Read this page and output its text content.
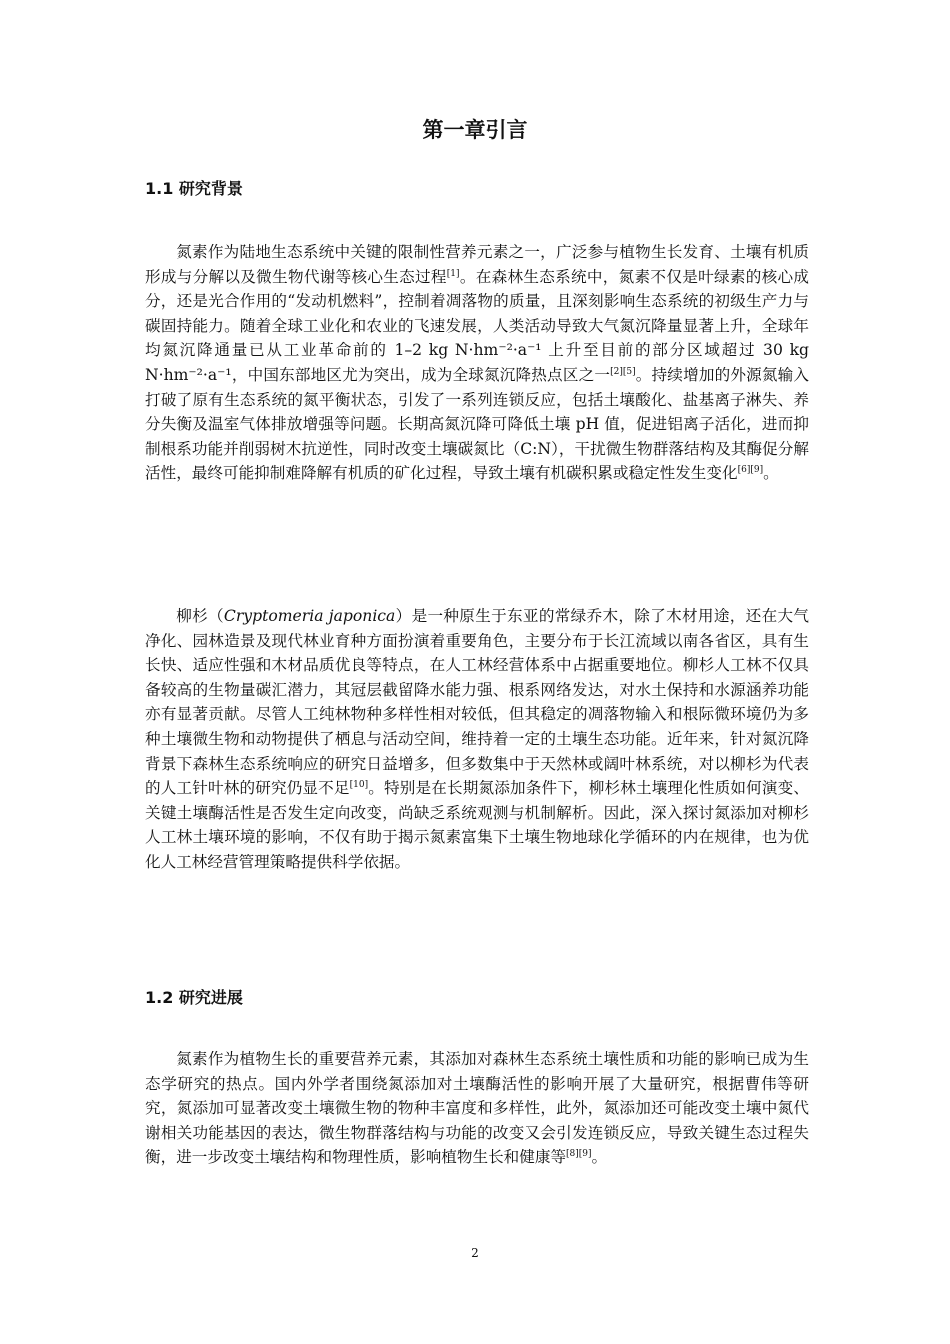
第一章引言
1.1 研究背景

氮素作为陆地生态系统中关键的限制性营养元素之一，广泛参与植物生长发育、土壤有机质形成与分解以及微生物代谢等核心生态过程[1]。在森林生态系统中，氮素不仅是叶绿素的核心成分，还是光合作用的“发动机燃料”，控制着凋落物的质量，且深刻影响生态系统的初级生产力与碳固持能力。随着全球工业化和农业的飞速发展，人类活动导致大气氮沉降量显著上升，全球年均氮沉降通量已从工业革命前的 1–2 kg N·hm⁻²·a⁻¹ 上升至目前的部分区域超过 30 kg N·hm⁻²·a⁻¹，中国东部地区尤为突出，成为全球氮沉降热点区之一[2][5]。持续增加的外源氮输入打破了原有生态系统的氮平衡状态，引发了一系列连锁反应，包括土壤酸化、盐基离子淋失、养分失衡及温室气体排放增强等问题。长期高氮沉降可降低土壤 pH 值，促进铝离子活化，进而抑制根系功能并削弱树木抗逆性，同时改变土壤碳氮比（C:N），干扰微生物群落结构及其酶促分解活性，最终可能抑制难降解有机质的矿化过程，导致土壤有机碳积累或稳定性发生变化[6][9]。

柳杉（Cryptomeria japonica）是一种原生于东亚的常绿乔木，除了木材用途，还在大气净化、园林造景及现代林业育种方面扮演着重要角色，主要分布于长江流域以南各省区，具有生长快、适应性强和木材品质优良等特点，在人工林经营体系中占据重要地位。柳杉人工林不仅具备较高的生物量碳汇潜力，其冠层截留降水能力强、根系网络发达，对水土保持和水源涵养功能亦有显著贡献。尽管人工纯林物种多样性相对较低，但其稳定的凋落物输入和根际微环境仍为多种土壤微生物和动物提供了栖息与活动空间，维持着一定的土壤生态功能。近年来，针对氮沉降背景下森林生态系统响应的研究日益增多，但多数集中于天然林或阔叶林系统，对以柳杉为代表的人工针叶林的研究仍显不足[10]。特别是在长期氮添加条件下，柳杉林土壤理化性质如何演变、关键土壤酶活性是否发生定向改变，尚缺乏系统观测与机制解析。因此，深入探讨氮添加对柳杉人工林土壤环境的影响，不仅有助于揭示氮素富集下土壤生物地球化学循环的内在规律，也为优化人工林经营管理策略提供科学依据。

1.2 研究进展

氮素作为植物生长的重要营养元素，其添加对森林生态系统土壤性质和功能的影响已成为生态学研究的热点。国内外学者围绕氮添加对土壤酶活性的影响开展了大量研究，根据曹伟等研究，氮添加可显著改变土壤微生物的物种丰富度和多样性，此外，氮添加还可能改变土壤中氮代谢相关功能基因的表达，微生物群落结构与功能的改变又会引发连锁反应，导致关键生态过程失衡，进一步改变土壤结构和物理性质，影响植物生长和健康等[8][9]。

2
